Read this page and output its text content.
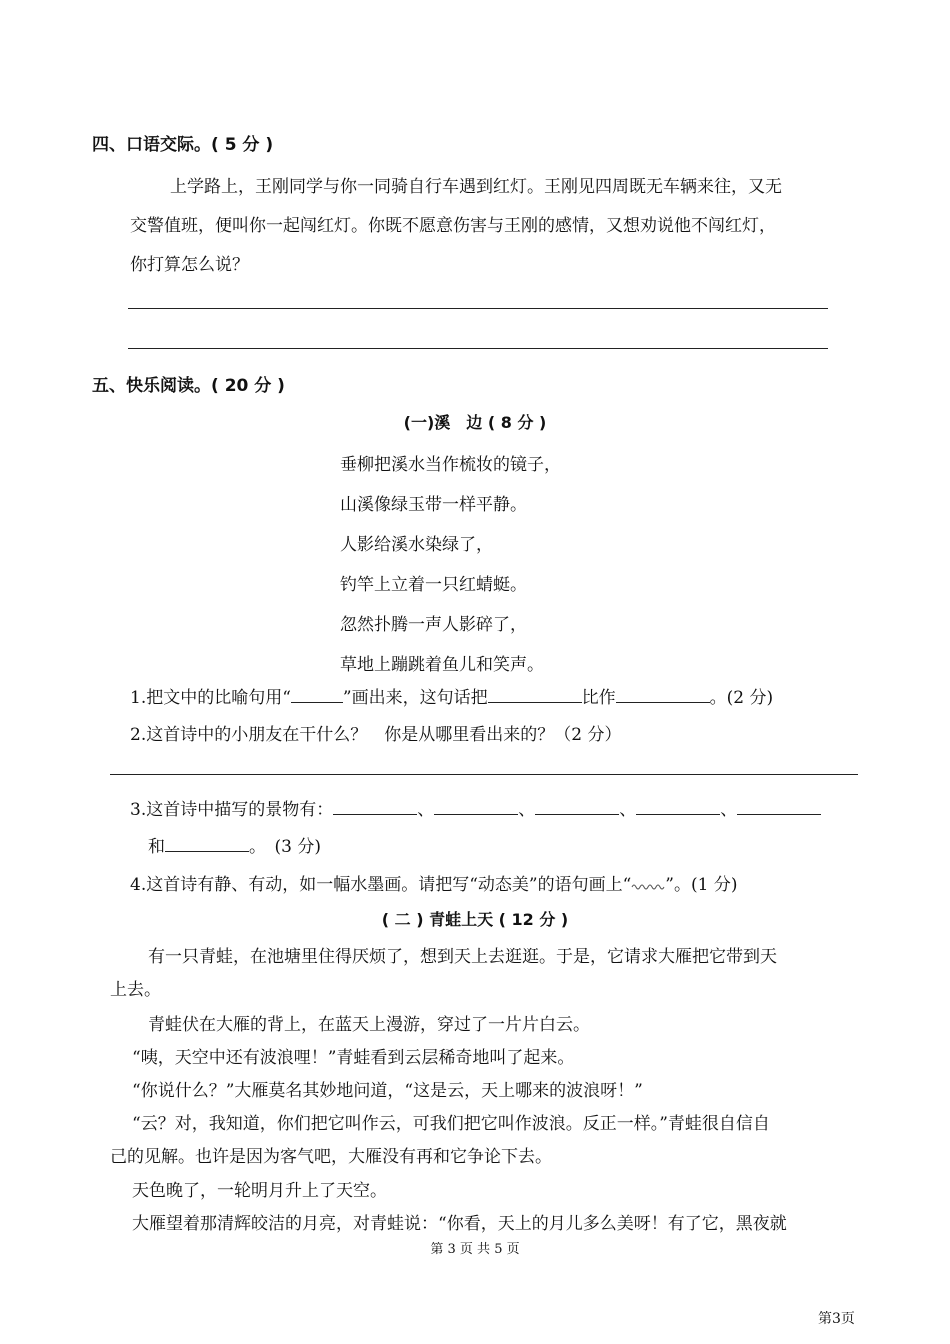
四、口语交际。( 5 分 )
上学路上，王刚同学与你一同骑自行车遇到红灯。王刚见四周既无车辆来往，又无
交警值班，便叫你一起闯红灯。你既不愿意伤害与王刚的感情，又想劝说他不闯红灯，
你打算怎么说？
五、快乐阅读。( 20 分 )
(一)溪　边 ( 8 分 )
垂柳把溪水当作梳妆的镜子，
山溪像绿玉带一样平静。
人影给溪水染绿了，
钓竿上立着一只红蜻蜓。
忽然扑腾一声人影碎了，
草地上蹦跳着鱼儿和笑声。
1.把文中的比喻句用“	”画出来，这句话把	比作	。(2 分)
2.这首诗中的小朋友在干什么？　你是从哪里看出来的？（2 分）
3.这首诗中描写的景物有：	、	、	、	、
和	。　(3 分)
4.这首诗有静、有动，如一幅水墨画。请把写“动态美”的语句画上“ ”。(1 分)
( 二 ) 青蛙上天 ( 12 分 )
有一只青蛙，在池塘里住得厌烦了，想到天上去逛逛。于是，它请求大雁把它带到天
上去。
青蛙伏在大雁的背上，在蓝天上漫游，穿过了一片片白云。
“咦，天空中还有波浪哩！”青蛙看到云层稀奇地叫了起来。
“你说什么？”大雁莫名其妙地问道，“这是云，天上哪来的波浪呀！”
“云？对，我知道，你们把它叫作云，可我们把它叫作波浪。反正一样。”青蛙很自信自
己的见解。也许是因为客气吧，大雁没有再和它争论下去。
天色晚了，一轮明月升上了天空。
大雁望着那清辉皎洁的月亮，对青蛙说：“你看，天上的月儿多么美呀！有了它，黑夜就
第 3 页 共 5 页
第3页
